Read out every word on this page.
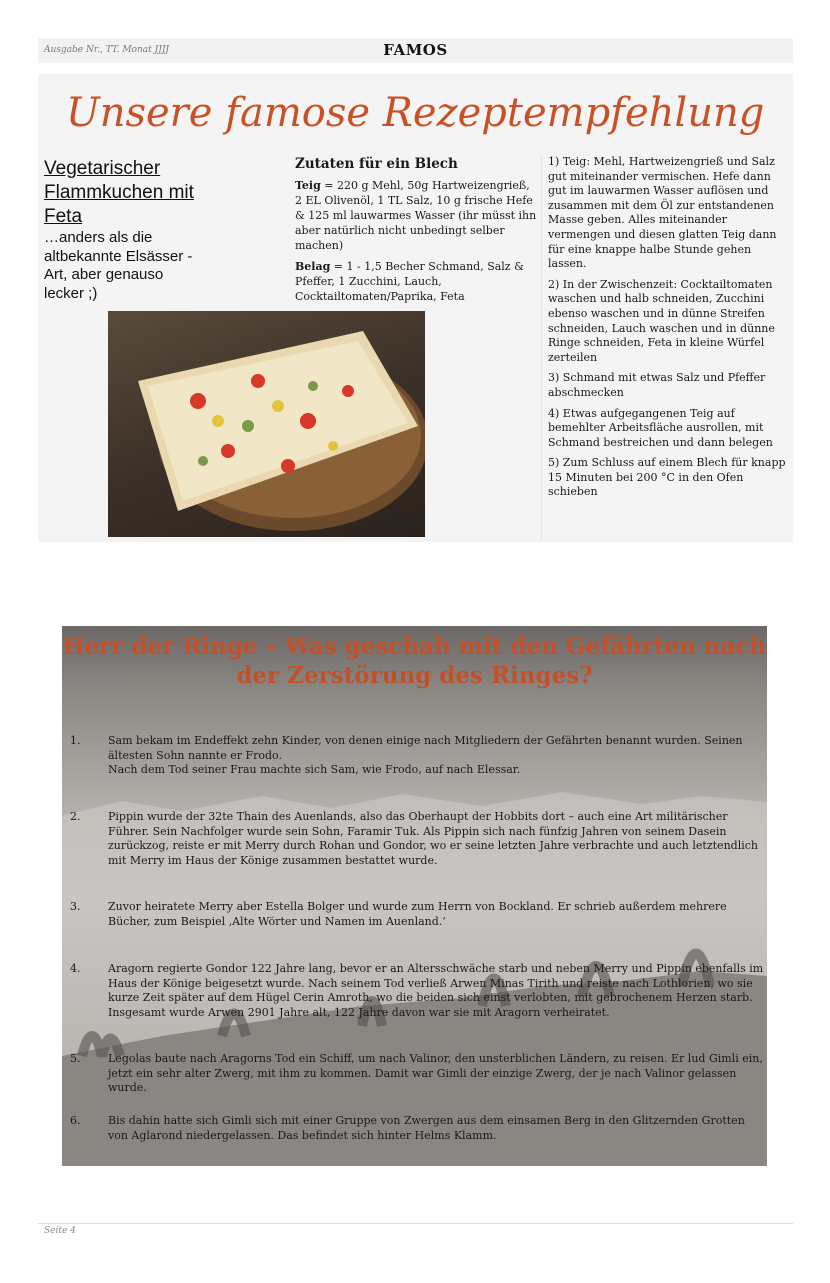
Ausgabe Nr., TT. Monat JJJJ	FAMOS
Unsere famose Rezeptempfehlung
Vegetarischer Flammkuchen mit Feta
…anders als die altbekannte Elsässer - Art, aber genauso lecker ;)
Zutaten für ein Blech

Teig = 220 g Mehl, 50g Hartweizengrieß, 2 EL Olivenöl, 1 TL Salz, 10 g frische Hefe & 125 ml lauwarmes Wasser (ihr müsst ihn aber natürlich nicht unbedingt selber machen)

Belag = 1 - 1,5 Becher Schmand, Salz & Pfeffer, 1 Zucchini, Lauch, Cocktailtomaten/Paprika, Feta

1) Teig: Mehl, Hartweizengrieß und Salz gut miteinander vermischen. Hefe dann gut im lauwarmen Wasser auflösen und zusammen mit dem Öl zur entstandenen Masse geben. Alles miteinander vermengen und diesen glatten Teig dann für eine knappe halbe Stunde gehen lassen.

2) In der Zwischenzeit: Cocktailtomaten waschen und halb schneiden, Zucchini ebenso waschen und in dünne Streifen schneiden, Lauch waschen und in dünne Ringe schneiden, Feta in kleine Würfel zerteilen

3) Schmand mit etwas Salz und Pfeffer abschmecken

4) Etwas aufgegangenen Teig auf bemehlter Arbeitsfläche ausrollen, mit Schmand bestreichen und dann belegen

5) Zum Schluss auf einem Blech für knapp 15 Minuten bei 200 °C in den Ofen schieben

Herr der Ringe – Was geschah mit den Gefährten nach der Zerstörung des Ringes?
1.	Sam bekam im Endeffekt zehn Kinder, von denen einige nach Mitgliedern der Gefährten benannt wurden. Seinen ältesten Sohn nannte er Frodo.
Nach dem Tod seiner Frau machte sich Sam, wie Frodo, auf nach Elessar.
2.	Pippin wurde der 32te Thain des Auenlands, also das Oberhaupt der Hobbits dort – auch eine Art militärischer Führer. Sein Nachfolger wurde sein Sohn, Faramir Tuk. Als Pippin sich nach fünfzig Jahren von seinem Dasein zurückzog, reiste er mit Merry durch Rohan und Gondor, wo er seine letzten Jahre verbrachte und auch letztendlich mit Merry im Haus der Könige zusammen bestattet wurde.
3.	Zuvor heiratete Merry aber Estella Bolger und wurde zum Herrn von Bockland. Er schrieb außerdem mehrere Bücher, zum Beispiel ‚Alte Wörter und Namen im Auenland.‘
4.	Aragorn regierte Gondor 122 Jahre lang, bevor er an Altersschwäche starb und neben Merry und Pippin ebenfalls im Haus der Könige beigesetzt wurde. Nach seinem Tod verließ Arwen Minas Tirith und reiste nach Lothlorien, wo sie kurze Zeit später auf dem Hügel Cerin Amroth, wo die beiden sich einst verlobten, mit gebrochenem Herzen starb. Insgesamt wurde Arwen 2901 Jahre alt, 122 Jahre davon war sie mit Aragorn verheiratet.
5.	Legolas baute nach Aragorns Tod ein Schiff, um nach Valinor, den unsterblichen Ländern, zu reisen. Er lud Gimli ein, jetzt ein sehr alter Zwerg, mit ihm zu kommen. Damit war Gimli der einzige Zwerg, der je nach Valinor gelassen wurde.
6.	Bis dahin hatte sich Gimli sich mit einer Gruppe von Zwergen aus dem einsamen Berg in den Glitzernden Grotten von Aglarond niedergelassen. Das befindet sich hinter Helms Klamm.
Seite 4
